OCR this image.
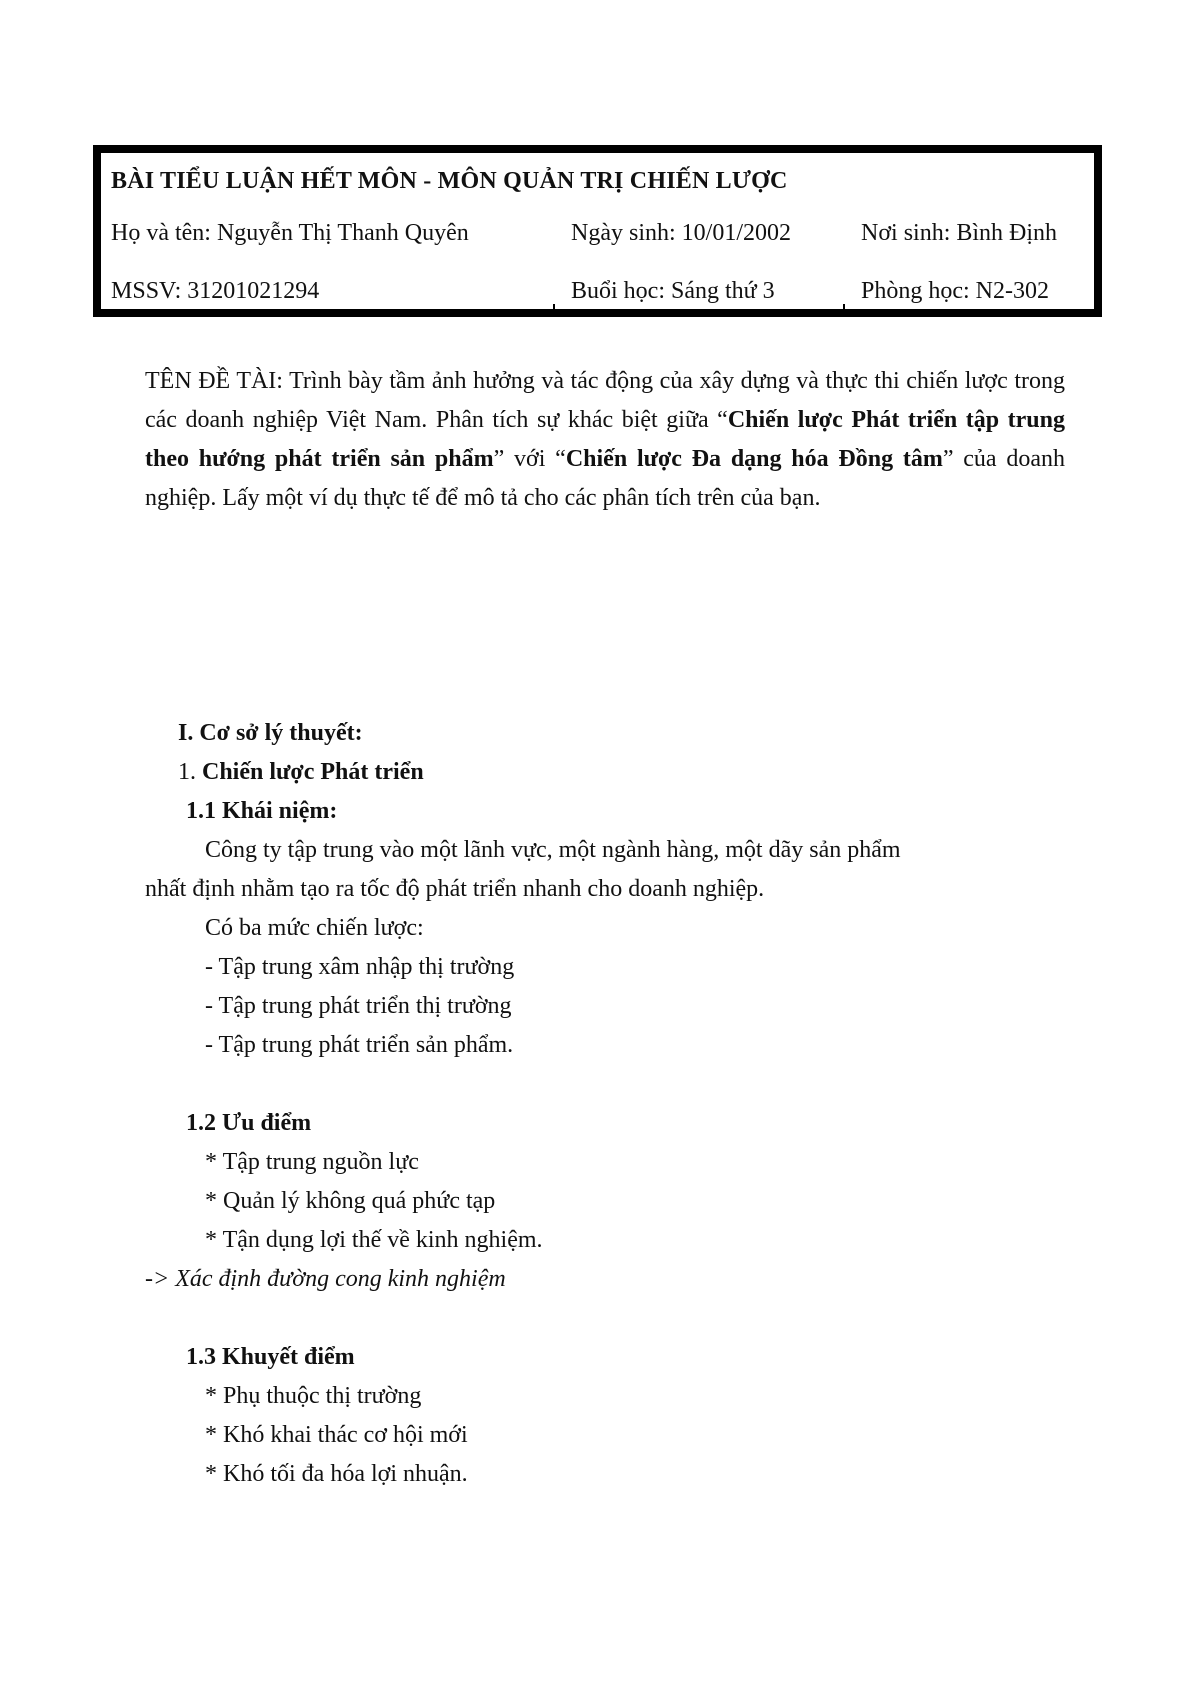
BÀI TIỂU LUẬN HẾT MÔN - MÔN QUẢN TRỊ CHIẾN LƯỢC
Họ và tên: Nguyễn Thị Thanh Quyên	Ngày sinh: 10/01/2002	Nơi sinh: Bình Định
MSSV: 31201021294	Buổi học: Sáng thứ 3	Phòng học: N2-302
TÊN ĐỀ TÀI: Trình bày tầm ảnh hưởng và tác động của xây dựng và thực thi chiến lược trong các doanh nghiệp Việt Nam. Phân tích sự khác biệt giữa “Chiến lược Phát triển tập trung theo hướng phát triển sản phẩm” với “Chiến lược Đa dạng hóa Đồng tâm” của doanh nghiệp. Lấy một ví dụ thực tế để mô tả cho các phân tích trên của bạn.
I. Cơ sở lý thuyết:
1. Chiến lược Phát triển
1.1 Khái niệm:
Công ty tập trung vào một lãnh vực, một ngành hàng, một dãy sản phẩm
nhất định nhằm tạo ra tốc độ phát triển nhanh cho doanh nghiệp.
Có ba mức chiến lược:
- Tập trung xâm nhập thị trường
- Tập trung phát triển thị trường
- Tập trung phát triển sản phẩm.
1.2 Ưu điểm
* Tập trung nguồn lực
* Quản lý không quá phức tạp
* Tận dụng lợi thế về kinh nghiệm.
-> Xác định đường cong kinh nghiệm
1.3 Khuyết điểm
* Phụ thuộc thị trường
* Khó khai thác cơ hội mới
* Khó tối đa hóa lợi nhuận.
